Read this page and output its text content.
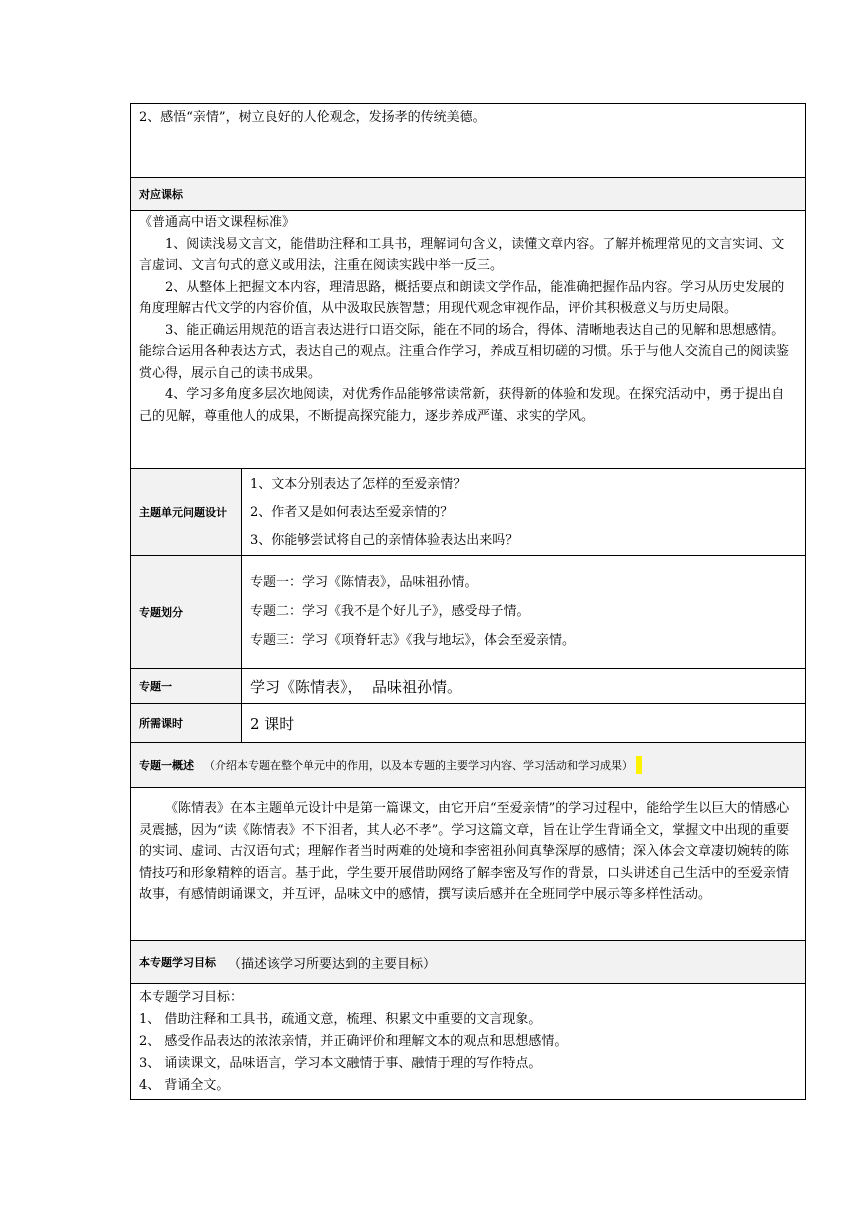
2、感悟“亲情”，树立良好的人伦观念，发扬孝的传统美德。
对应课标
《普通高中语文课程标准》
1、阅读浅易文言文，能借助注释和工具书，理解词句含义，读懂文章内容。了解并梳理常见的文言实词、文言虚词、文言句式的意义或用法，注重在阅读实践中举一反三。
2、从整体上把握文本内容，理清思路，概括要点和朗读文学作品，能准确把握作品内容。学习从历史发展的角度理解古代文学的内容价值，从中汲取民族智慧；用现代观念审视作品，评价其积极意义与历史局限。
3、能正确运用规范的语言表达进行口语交际，能在不同的场合，得体、清晰地表达自己的见解和思想感情。能综合运用各种表达方式，表达自己的观点。注重合作学习，养成互相切磋的习惯。乐于与他人交流自己的阅读鉴赏心得，展示自己的读书成果。
4、学习多角度多层次地阅读，对优秀作品能够常读常新，获得新的体验和发现。在探究活动中，勇于提出自己的见解，尊重他人的成果，不断提高探究能力，逐步养成严谨、求实的学风。
主题单元问题设计
1、文本分别表达了怎样的至爱亲情？
2、作者又是如何表达至爱亲情的？
3、你能够尝试将自己的亲情体验表达出来吗？
专题划分
专题一：学习《陈情表》，品味祖孙情。
专题二：学习《我不是个好儿子》，感受母子情。
专题三：学习《项脊轩志》《我与地坛》，体会至爱亲情。
专题一	学习《陈情表》，  品味祖孙情。
所需课时	2 课时
专题一概述 （介绍本专题在整个单元中的作用，以及本专题的主要学习内容、学习活动和学习成果）
《陈情表》在本主题单元设计中是第一篇课文，由它开启“至爱亲情”的学习过程中，能给学生以巨大的情感心灵震撼，因为“读《陈情表》不下泪者，其人必不孝”。学习这篇文章，旨在让学生背诵全文，掌握文中出现的重要的实词、虚词、古汉语句式；理解作者当时两难的处境和李密祖孙间真挚深厚的感情；深入体会文章凄切婉转的陈情技巧和形象精粹的语言。基于此，学生要开展借助网络了解李密及写作的背景，口头讲述自己生活中的至爱亲情故事，有感情朗诵课文，并互评，品味文中的感情，撰写读后感并在全班同学中展示等多样性活动。
本专题学习目标 （描述该学习所要达到的主要目标）
本专题学习目标：
1、 借助注释和工具书，疏通文意，梳理、积累文中重要的文言现象。
2、 感受作品表达的浓浓亲情，并正确评价和理解文本的观点和思想感情。
3、 诵读课文，品味语言，学习本文融情于事、融情于理的写作特点。
4、 背诵全文。
